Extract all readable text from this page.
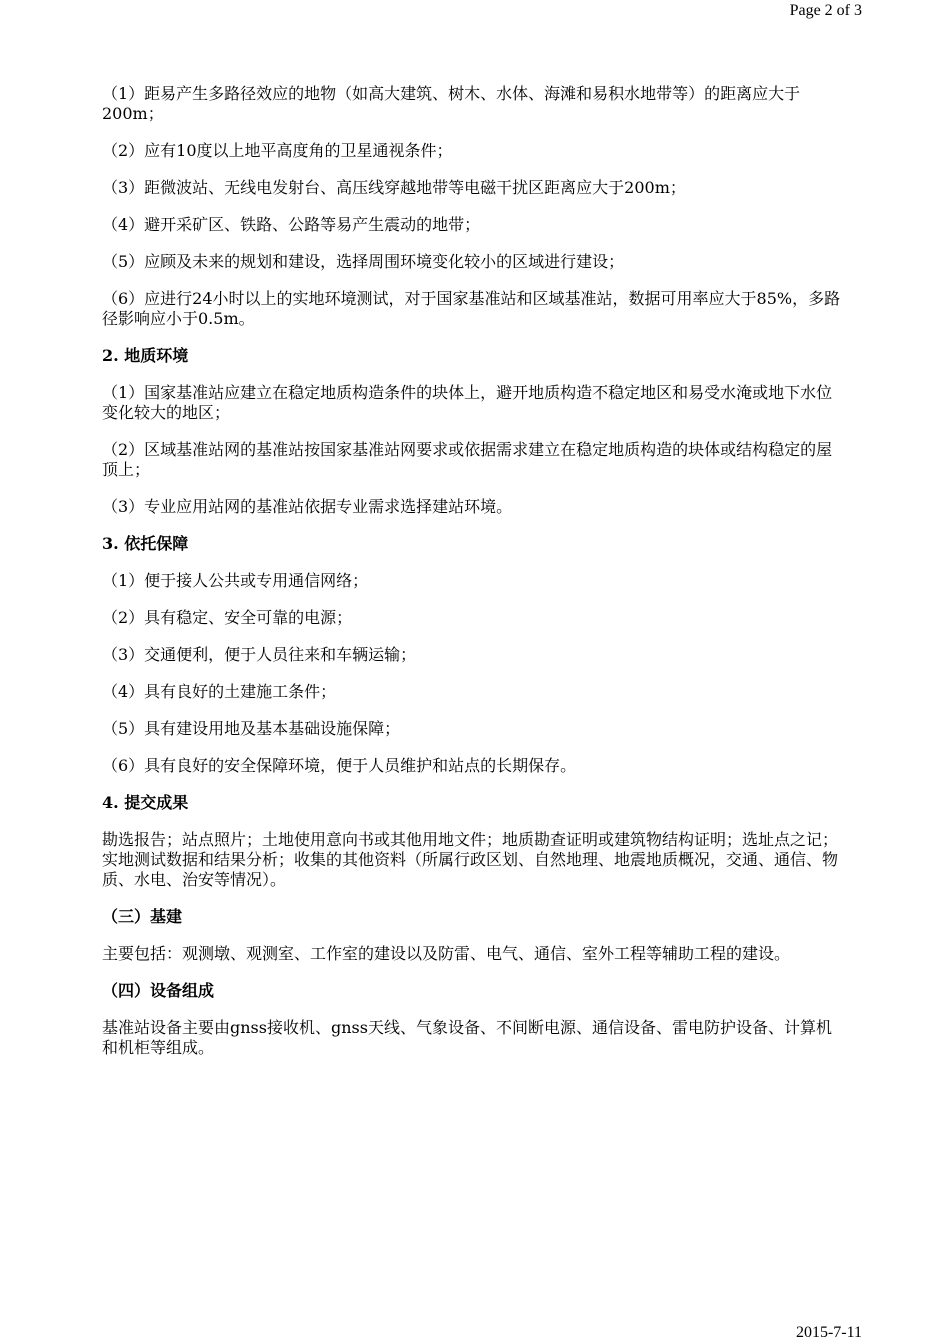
Page 2 of 3

（1）距易产生多路径效应的地物（如高大建筑、树木、水体、海滩和易积水地带等）的距离应大于200m；

（2）应有10度以上地平高度角的卫星通视条件；

（3）距微波站、无线电发射台、高压线穿越地带等电磁干扰区距离应大于200m；

（4）避开采矿区、铁路、公路等易产生震动的地带；

（5）应顾及未来的规划和建设，选择周围环境变化较小的区域进行建设；

（6）应进行24小时以上的实地环境测试，对于国家基准站和区域基准站，数据可用率应大于85%，多路径影响应小于0.5m。

2. 地质环境

（1）国家基准站应建立在稳定地质构造条件的块体上，避开地质构造不稳定地区和易受水淹或地下水位变化较大的地区；

（2）区域基准站网的基准站按国家基准站网要求或依据需求建立在稳定地质构造的块体或结构稳定的屋顶上；

（3）专业应用站网的基准站依据专业需求选择建站环境。

3. 依托保障

（1）便于接人公共或专用通信网络；

（2）具有稳定、安全可靠的电源；

（3）交通便利，便于人员往来和车辆运输；

（4）具有良好的土建施工条件；

（5）具有建设用地及基本基础设施保障；

（6）具有良好的安全保障环境，便于人员维护和站点的长期保存。

4. 提交成果

勘选报告；站点照片；土地使用意向书或其他用地文件；地质勘查证明或建筑物结构证明；选址点之记；实地测试数据和结果分析；收集的其他资料（所属行政区划、自然地理、地震地质概况，交通、通信、物质、水电、治安等情况）。

（三）基建

主要包括：观测墩、观测室、工作室的建设以及防雷、电气、通信、室外工程等辅助工程的建设。

（四）设备组成

基准站设备主要由gnss接收机、gnss天线、气象设备、不间断电源、通信设备、雷电防护设备、计算机和机柜等组成。

2015-7-11
